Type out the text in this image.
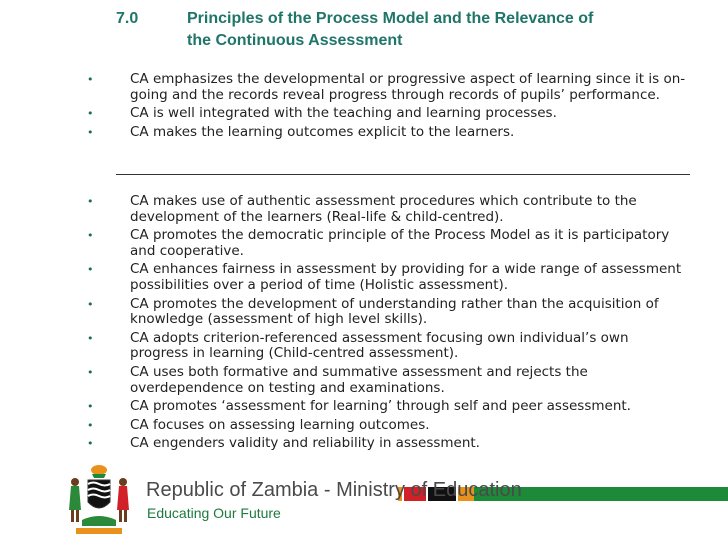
7.0	Principles of the Process Model and the Relevance of
the Continuous Assessment
•	CA emphasizes the developmental or progressive aspect of learning since it is on-going and the records reveal progress through records of pupils’ performance.
•	CA is well integrated with the teaching and learning processes.
•	CA makes the learning outcomes explicit to the learners.
•	CA makes use of authentic assessment procedures which contribute to the development of the learners (Real-life & child-centred).
•	CA promotes the democratic principle of the Process Model as it is participatory and cooperative.
•	CA enhances fairness in assessment by providing for a wide range of assessment possibilities over a period of time (Holistic assessment).
•	CA promotes the development of understanding rather than the acquisition of knowledge (assessment of high level skills).
•	CA adopts criterion-referenced assessment focusing own individual’s own progress in learning (Child-centred assessment).
•	CA uses both formative and summative assessment and rejects the overdependence on testing and examinations.
•	CA promotes ‘assessment for learning’ through self and peer assessment.
•	CA focuses on assessing learning outcomes.
•	CA engenders validity and reliability in assessment.
Republic of Zambia - Ministry of Education
Educating Our Future
